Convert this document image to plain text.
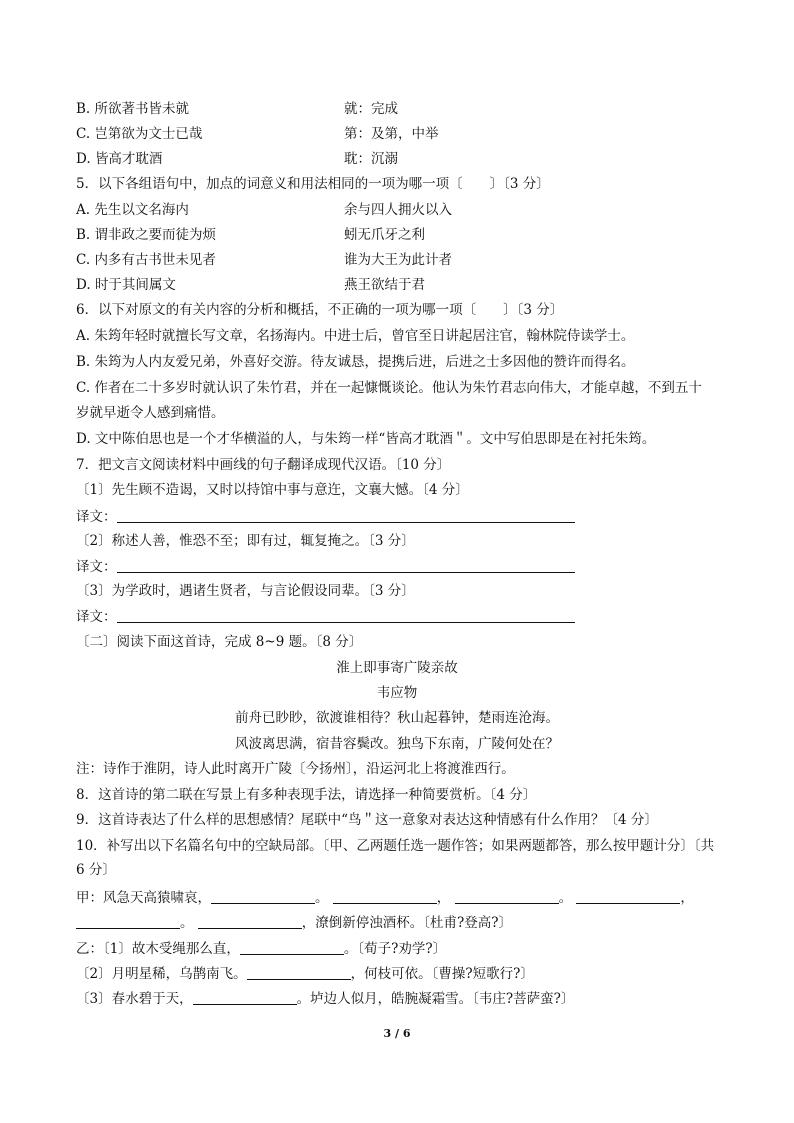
B. 所欲著书皆未就	就：完成
C. 岂第欲为文士已哉	第：及第，中举
D. 皆高才耽酒	耽：沉溺
5．以下各组语句中，加点的词意义和用法相同的一项为哪一项〔　　〕〔3 分〕
A. 先生以文名海内	余与四人拥火以入
B. 谓非政之要而徒为烦	蚓无爪牙之利
C. 内多有古书世未见者	谁为大王为此计者
D. 时于其间属文	燕王欲结于君
6．以下对原文的有关内容的分析和概括，不正确的一项为哪一项〔　　〕〔3 分〕
A. 朱筠年轻时就擅长写文章，名扬海内。中进士后，曾官至日讲起居注官，翰林院侍读学士。
B. 朱筠为人内友爱兄弟，外喜好交游。待友诚恳，提携后进，后进之士多因他的赞许而得名。
C. 作者在二十多岁时就认识了朱竹君，并在一起慷慨谈论。他认为朱竹君志向伟大，才能卓越，不到五十
岁就早逝令人感到痛惜。
D. 文中陈伯思也是一个才华横溢的人，与朱筠一样“皆高才耽酒＂。文中写伯思即是在衬托朱筠。
7．把文言文阅读材料中画线的句子翻译成现代汉语。〔10 分〕
〔1〕先生顾不造谒，又时以持馆中事与意迕，文襄大憾。〔4 分〕
译文：
〔2〕称述人善，惟恐不至；即有过，辄复掩之。〔3 分〕
译文：
〔3〕为学政时，遇诸生贤者，与言论假设同辈。〔3 分〕
译文：
〔二〕阅读下面这首诗，完成 8~9 题。〔8 分〕
淮上即事寄广陵亲故
韦应物
前舟已眇眇，欲渡谁相待？秋山起暮钟，楚雨连沧海。
风波离思满，宿昔容鬓改。独鸟下东南，广陵何处在？
注：诗作于淮阴，诗人此时离开广陵〔今扬州〕，沿运河北上将渡淮西行。
8．这首诗的第二联在写景上有多种表现手法，请选择一种简要赏析。〔4 分〕
9．这首诗表达了什么样的思想感情？尾联中“鸟＂这一意象对表达这种情感有什么作用？〔4 分〕
10．补写出以下名篇名句中的空缺局部。〔甲、乙两题任选一题作答；如果两题都答，那么按甲题计分〕〔共
6 分〕
甲：风急天高猿啸哀，	。	，	。	，
。	，潦倒新停浊酒杯。〔杜甫?登高?〕
乙：〔1〕故木受绳那么直，	。〔荀子?劝学?〕
〔2〕月明星稀，乌鹊南飞。	，何枝可依。〔曹操?短歌行?〕
〔3〕春水碧于天，	。垆边人似月，皓腕凝霜雪。〔韦庄?菩萨蛮?〕
3 / 6
